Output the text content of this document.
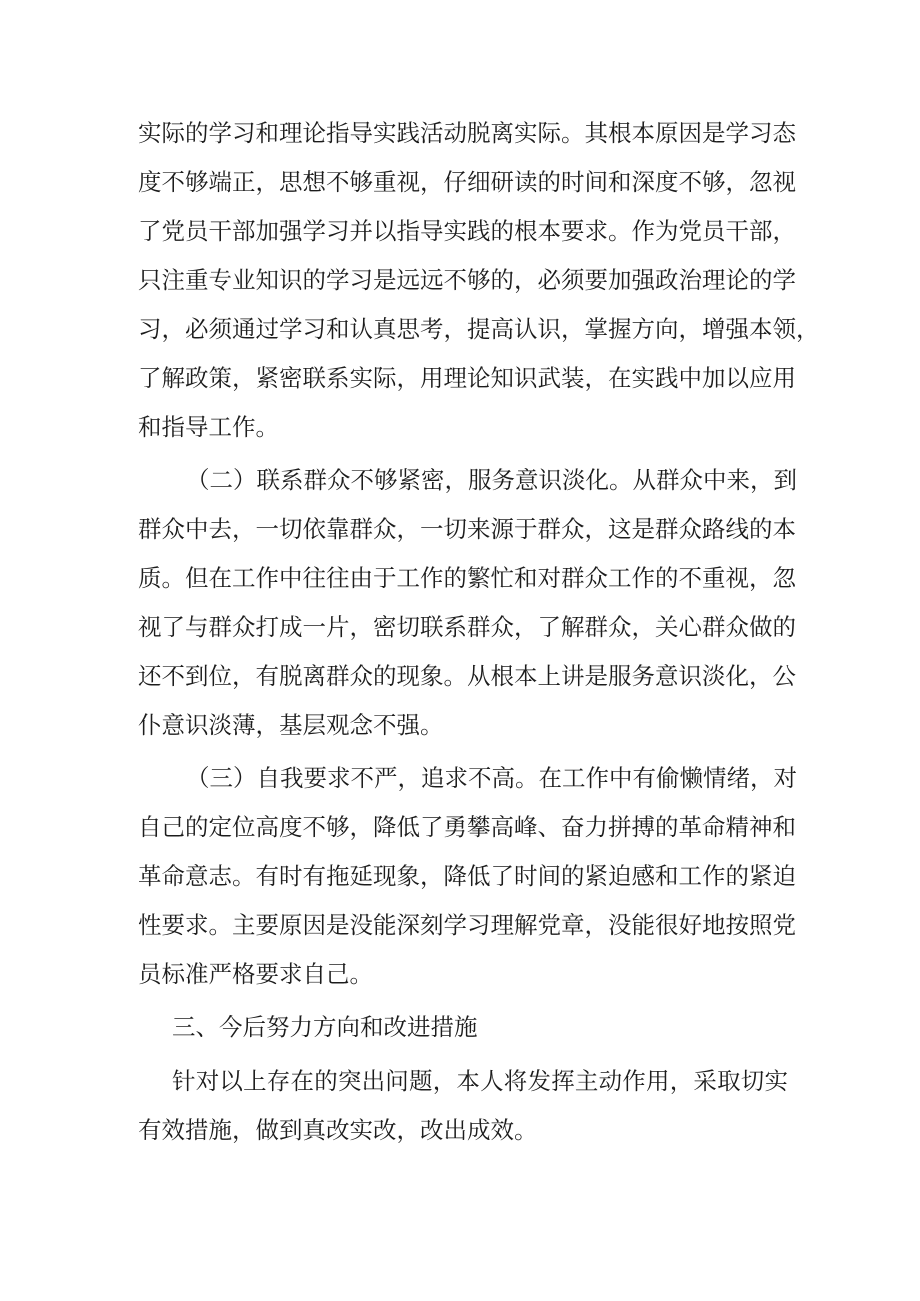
实际的学习和理论指导实践活动脱离实际。其根本原因是学习态
度不够端正，思想不够重视，仔细研读的时间和深度不够，忽视
了党员干部加强学习并以指导实践的根本要求。作为党员干部，
只注重专业知识的学习是远远不够的，必须要加强政治理论的学
习，必须通过学习和认真思考，提高认识，掌握方向，增强本领，
了解政策，紧密联系实际，用理论知识武装，在实践中加以应用
和指导工作。
（二）联系群众不够紧密，服务意识淡化。从群众中来，到
群众中去，一切依靠群众，一切来源于群众，这是群众路线的本
质。但在工作中往往由于工作的繁忙和对群众工作的不重视，忽
视了与群众打成一片，密切联系群众，了解群众，关心群众做的
还不到位，有脱离群众的现象。从根本上讲是服务意识淡化，公
仆意识淡薄，基层观念不强。
（三）自我要求不严，追求不高。在工作中有偷懒情绪，对
自己的定位高度不够，降低了勇攀高峰、奋力拼搏的革命精神和
革命意志。有时有拖延现象，降低了时间的紧迫感和工作的紧迫
性要求。主要原因是没能深刻学习理解党章，没能很好地按照党
员标准严格要求自己。
三、今后努力方向和改进措施
针对以上存在的突出问题，本人将发挥主动作用，采取切实
有效措施，做到真改实改，改出成效。
